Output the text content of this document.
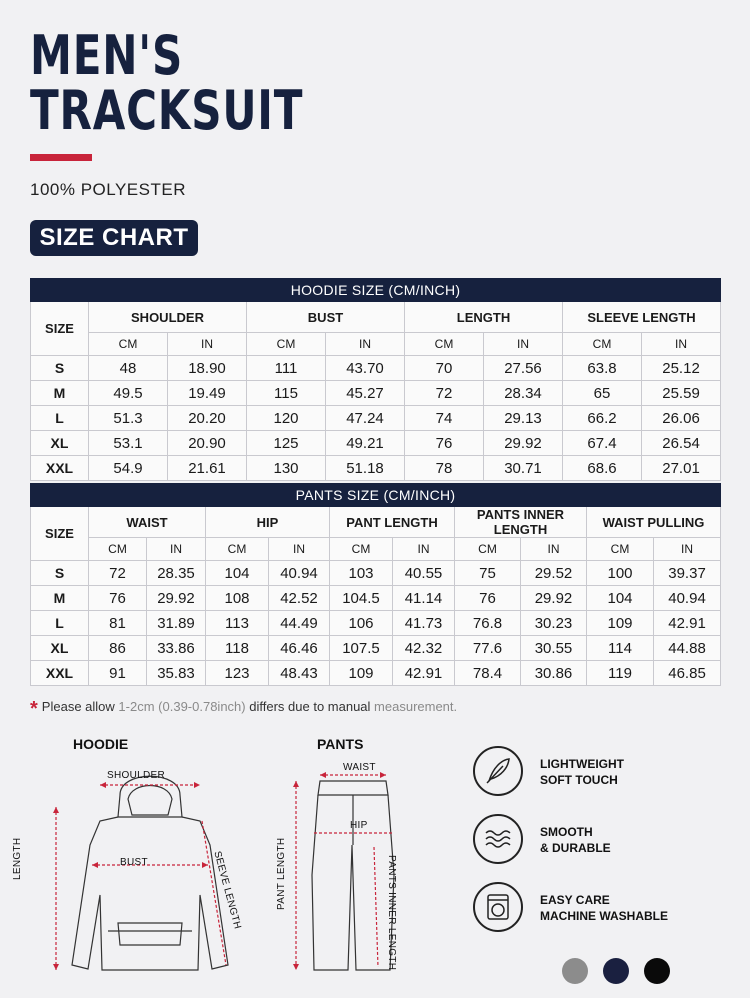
MEN'S
TRACKSUIT
100% POLYESTER
SIZE CHART
HOODIE SIZE (CM/INCH)								
SIZE	SHOULDER		BUST		LENGTH		SLEEVE LENGTH	
	CM	IN	CM	IN	CM	IN	CM	IN
S	48	18.90	111	43.70	70	27.56	63.8	25.12
M	49.5	19.49	115	45.27	72	28.34	65	25.59
L	51.3	20.20	120	47.24	74	29.13	66.2	26.06
XL	53.1	20.90	125	49.21	76	29.92	67.4	26.54
XXL	54.9	21.61	130	51.18	78	30.71	68.6	27.01
PANTS SIZE (CM/INCH)										
SIZE	WAIST		HIP		PANT LENGTH		PANTS INNER LENGTH		WAIST PULLING	
	CM	IN	CM	IN	CM	IN	CM	IN	CM	IN
S	72	28.35	104	40.94	103	40.55	75	29.52	100	39.37
M	76	29.92	108	42.52	104.5	41.14	76	29.92	104	40.94
L	81	31.89	113	44.49	106	41.73	76.8	30.23	109	42.91
XL	86	33.86	118	46.46	107.5	42.32	77.6	30.55	114	44.88
XXL	91	35.83	123	48.43	109	42.91	78.4	30.86	119	46.85
* Please allow 1-2cm (0.39-0.78inch) differs due to manual measurement.
HOODIE
SHOULDER
BUST
LENGTH	SEEVE LENGTH
PANTS
WAIST
HIP
PANT LENGTH	PANTS INNER LENGTH
LIGHTWEIGHT
SOFT TOUCH
SMOOTH
& DURABLE
EASY CARE
MACHINE WASHABLE
